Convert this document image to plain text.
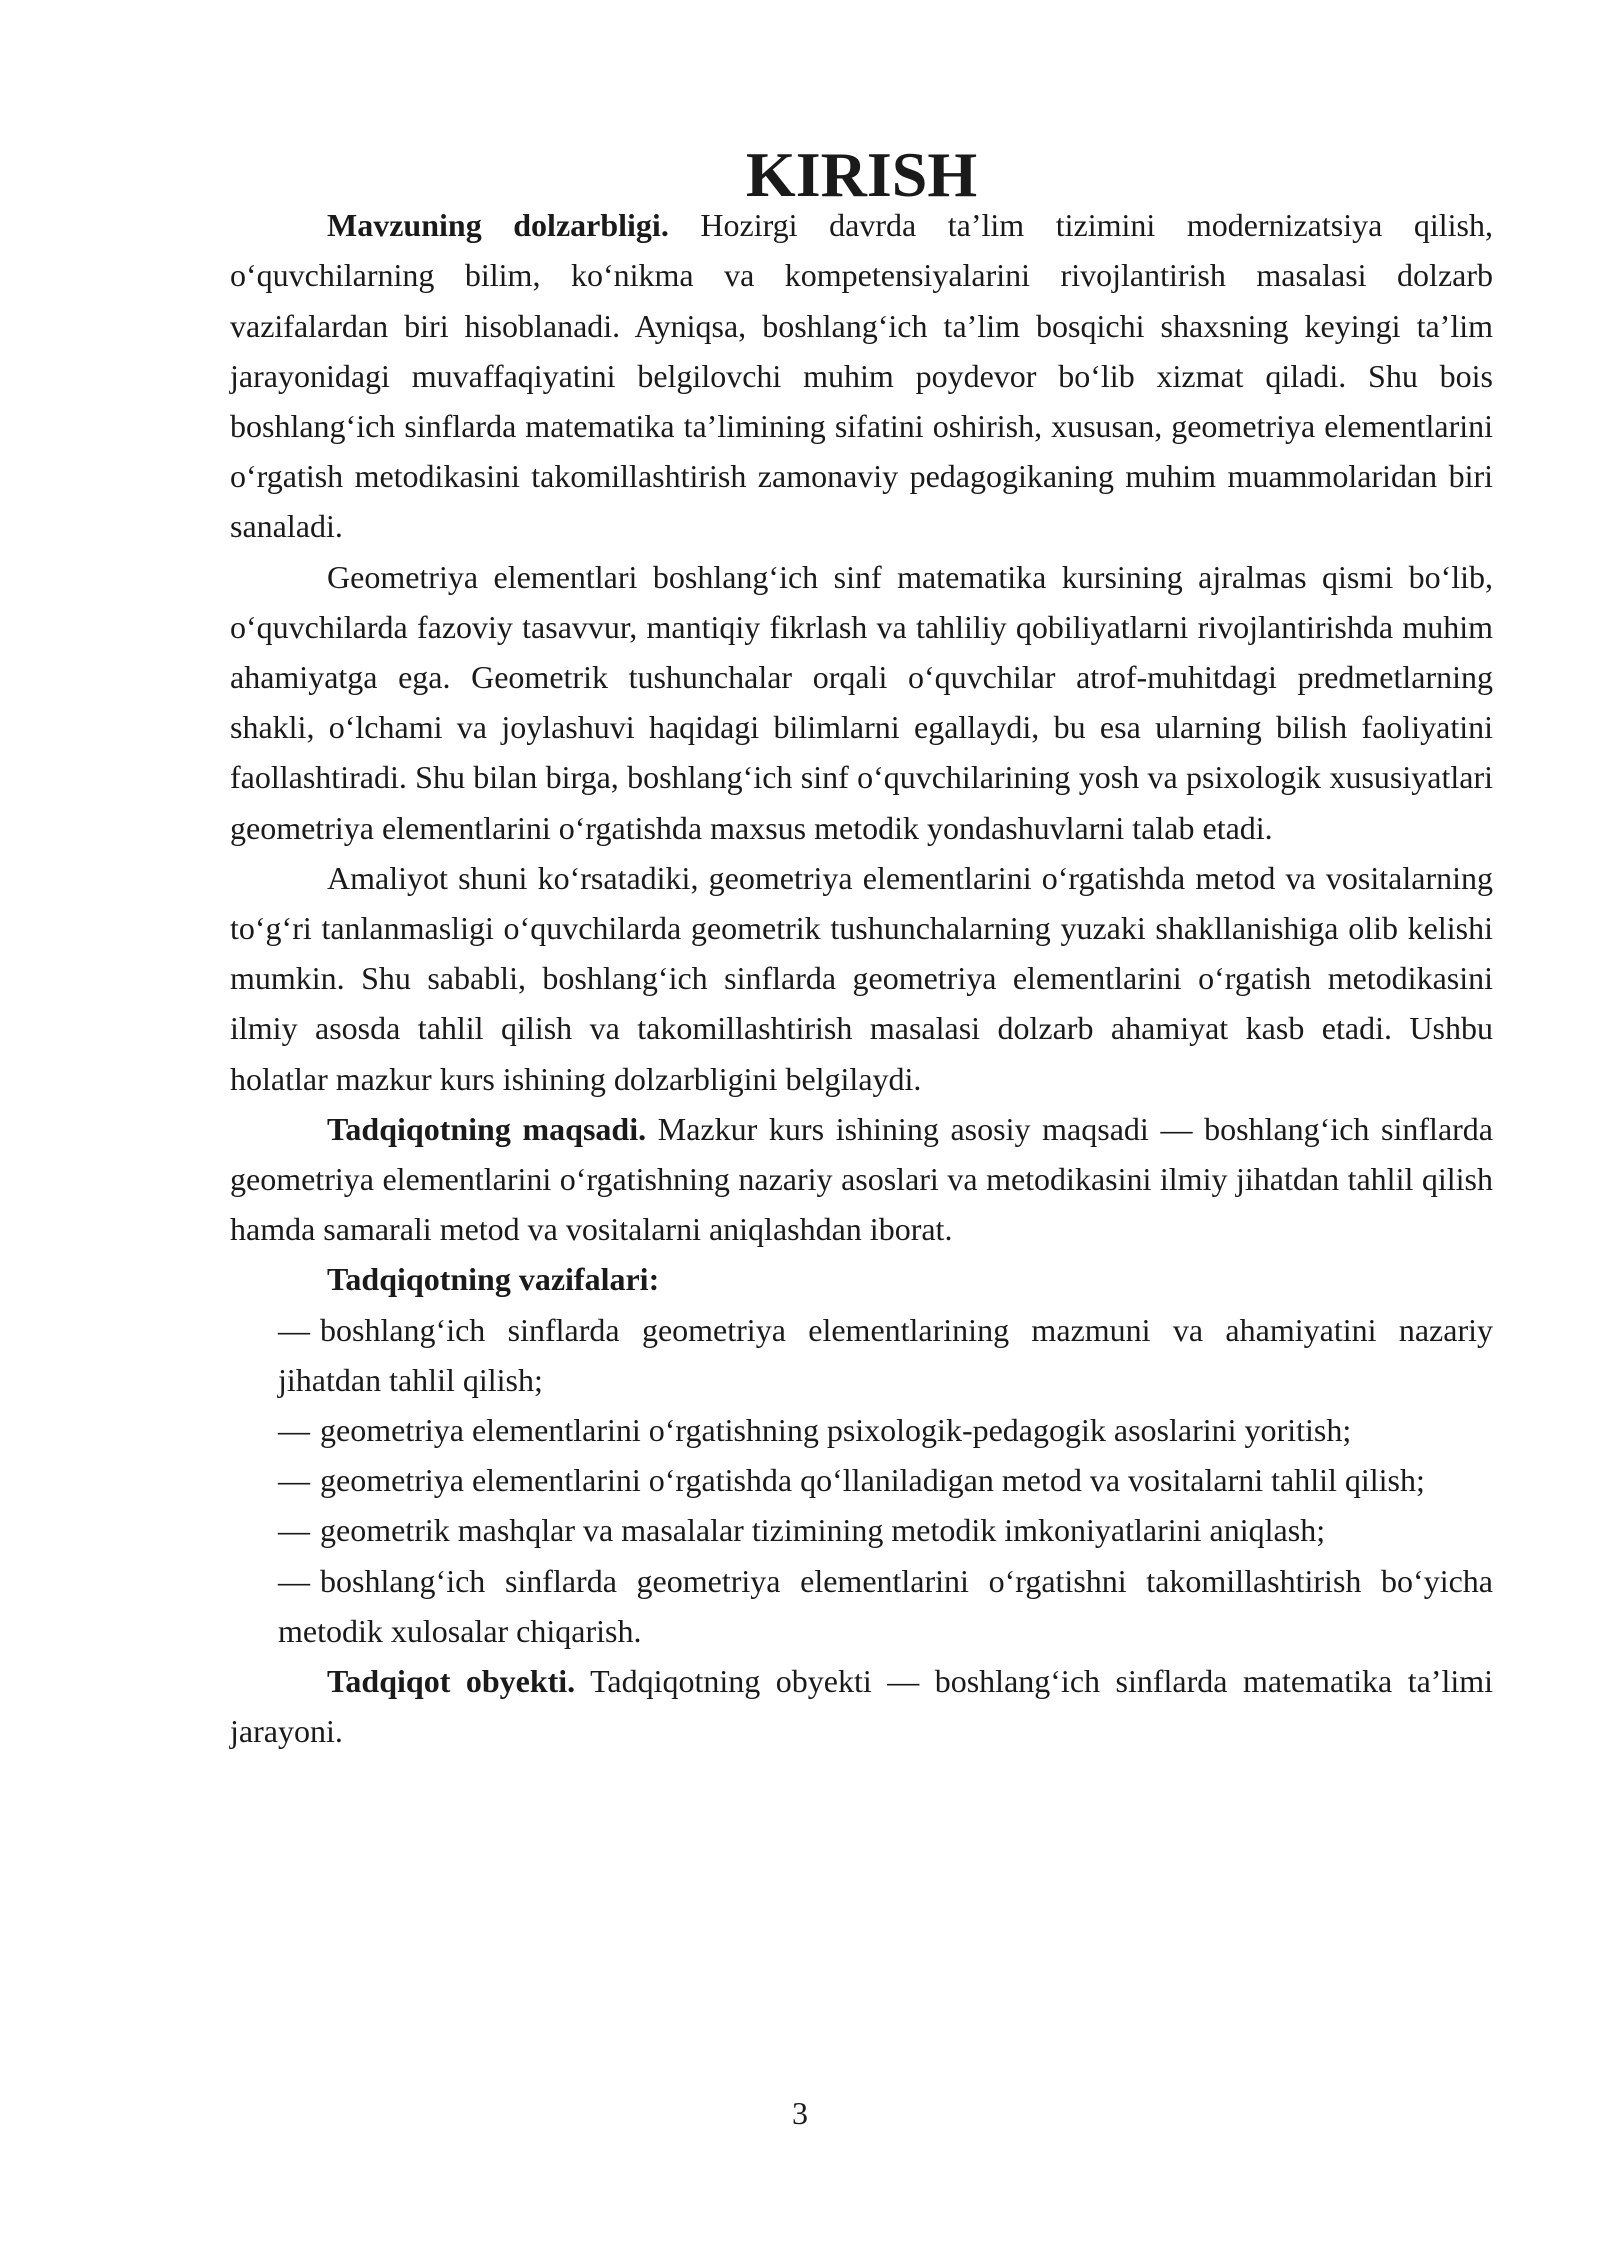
KIRISH

Mavzuning dolzarbligi. Hozirgi davrda ta’lim tizimini modernizatsiya qilish, o‘quvchilarning bilim, ko‘nikma va kompetensiyalarini rivojlantirish masalasi dolzarb vazifalardan biri hisoblanadi. Ayniqsa, boshlang‘ich ta’lim bosqichi shaxsning keyingi ta’lim jarayonidagi muvaffaqiyatini belgilovchi muhim poydevor bo‘lib xizmat qiladi. Shu bois boshlang‘ich sinflarda matematika ta’limining sifatini oshirish, xususan, geometriya elementlarini o‘rgatish metodikasini takomillashtirish zamonaviy pedagogikaning muhim muammolaridan biri sanaladi.

Geometriya elementlari boshlang‘ich sinf matematika kursining ajralmas qismi bo‘lib, o‘quvchilarda fazoviy tasavvur, mantiqiy fikrlash va tahliliy qobiliyatlarni rivojlantirishda muhim ahamiyatga ega. Geometrik tushunchalar orqali o‘quvchilar atrof-muhitdagi predmetlarning shakli, o‘lchami va joylashuvi haqidagi bilimlarni egallaydi, bu esa ularning bilish faoliyatini faollashtiradi. Shu bilan birga, boshlang‘ich sinf o‘quvchilarining yosh va psixologik xususiyatlari geometriya elementlarini o‘rgatishda maxsus metodik yondashuvlarni talab etadi.

Amaliyot shuni ko‘rsatadiki, geometriya elementlarini o‘rgatishda metod va vositalarning to‘g‘ri tanlanmasligi o‘quvchilarda geometrik tushunchalarning yuzaki shakllanishiga olib kelishi mumkin. Shu sababli, boshlang‘ich sinflarda geometriya elementlarini o‘rgatish metodikasini ilmiy asosda tahlil qilish va takomillashtirish masalasi dolzarb ahamiyat kasb etadi. Ushbu holatlar mazkur kurs ishining dolzarbligini belgilaydi.

Tadqiqotning maqsadi. Mazkur kurs ishining asosiy maqsadi — boshlang‘ich sinflarda geometriya elementlarini o‘rgatishning nazariy asoslari va metodikasini ilmiy jihatdan tahlil qilish hamda samarali metod va vositalarni aniqlashdan iborat.

Tadqiqotning vazifalari:
— boshlang‘ich sinflarda geometriya elementlarining mazmuni va ahamiyatini nazariy jihatdan tahlil qilish;
— geometriya elementlarini o‘rgatishning psixologik-pedagogik asoslarini yoritish;
— geometriya elementlarini o‘rgatishda qo‘llaniladigan metod va vositalarni tahlil qilish;
— geometrik mashqlar va masalalar tizimining metodik imkoniyatlarini aniqlash;
— boshlang‘ich sinflarda geometriya elementlarini o‘rgatishni takomillashtirish bo‘yicha metodik xulosalar chiqarish.

Tadqiqot obyekti. Tadqiqotning obyekti — boshlang‘ich sinflarda matematika ta’limi jarayoni.

3
